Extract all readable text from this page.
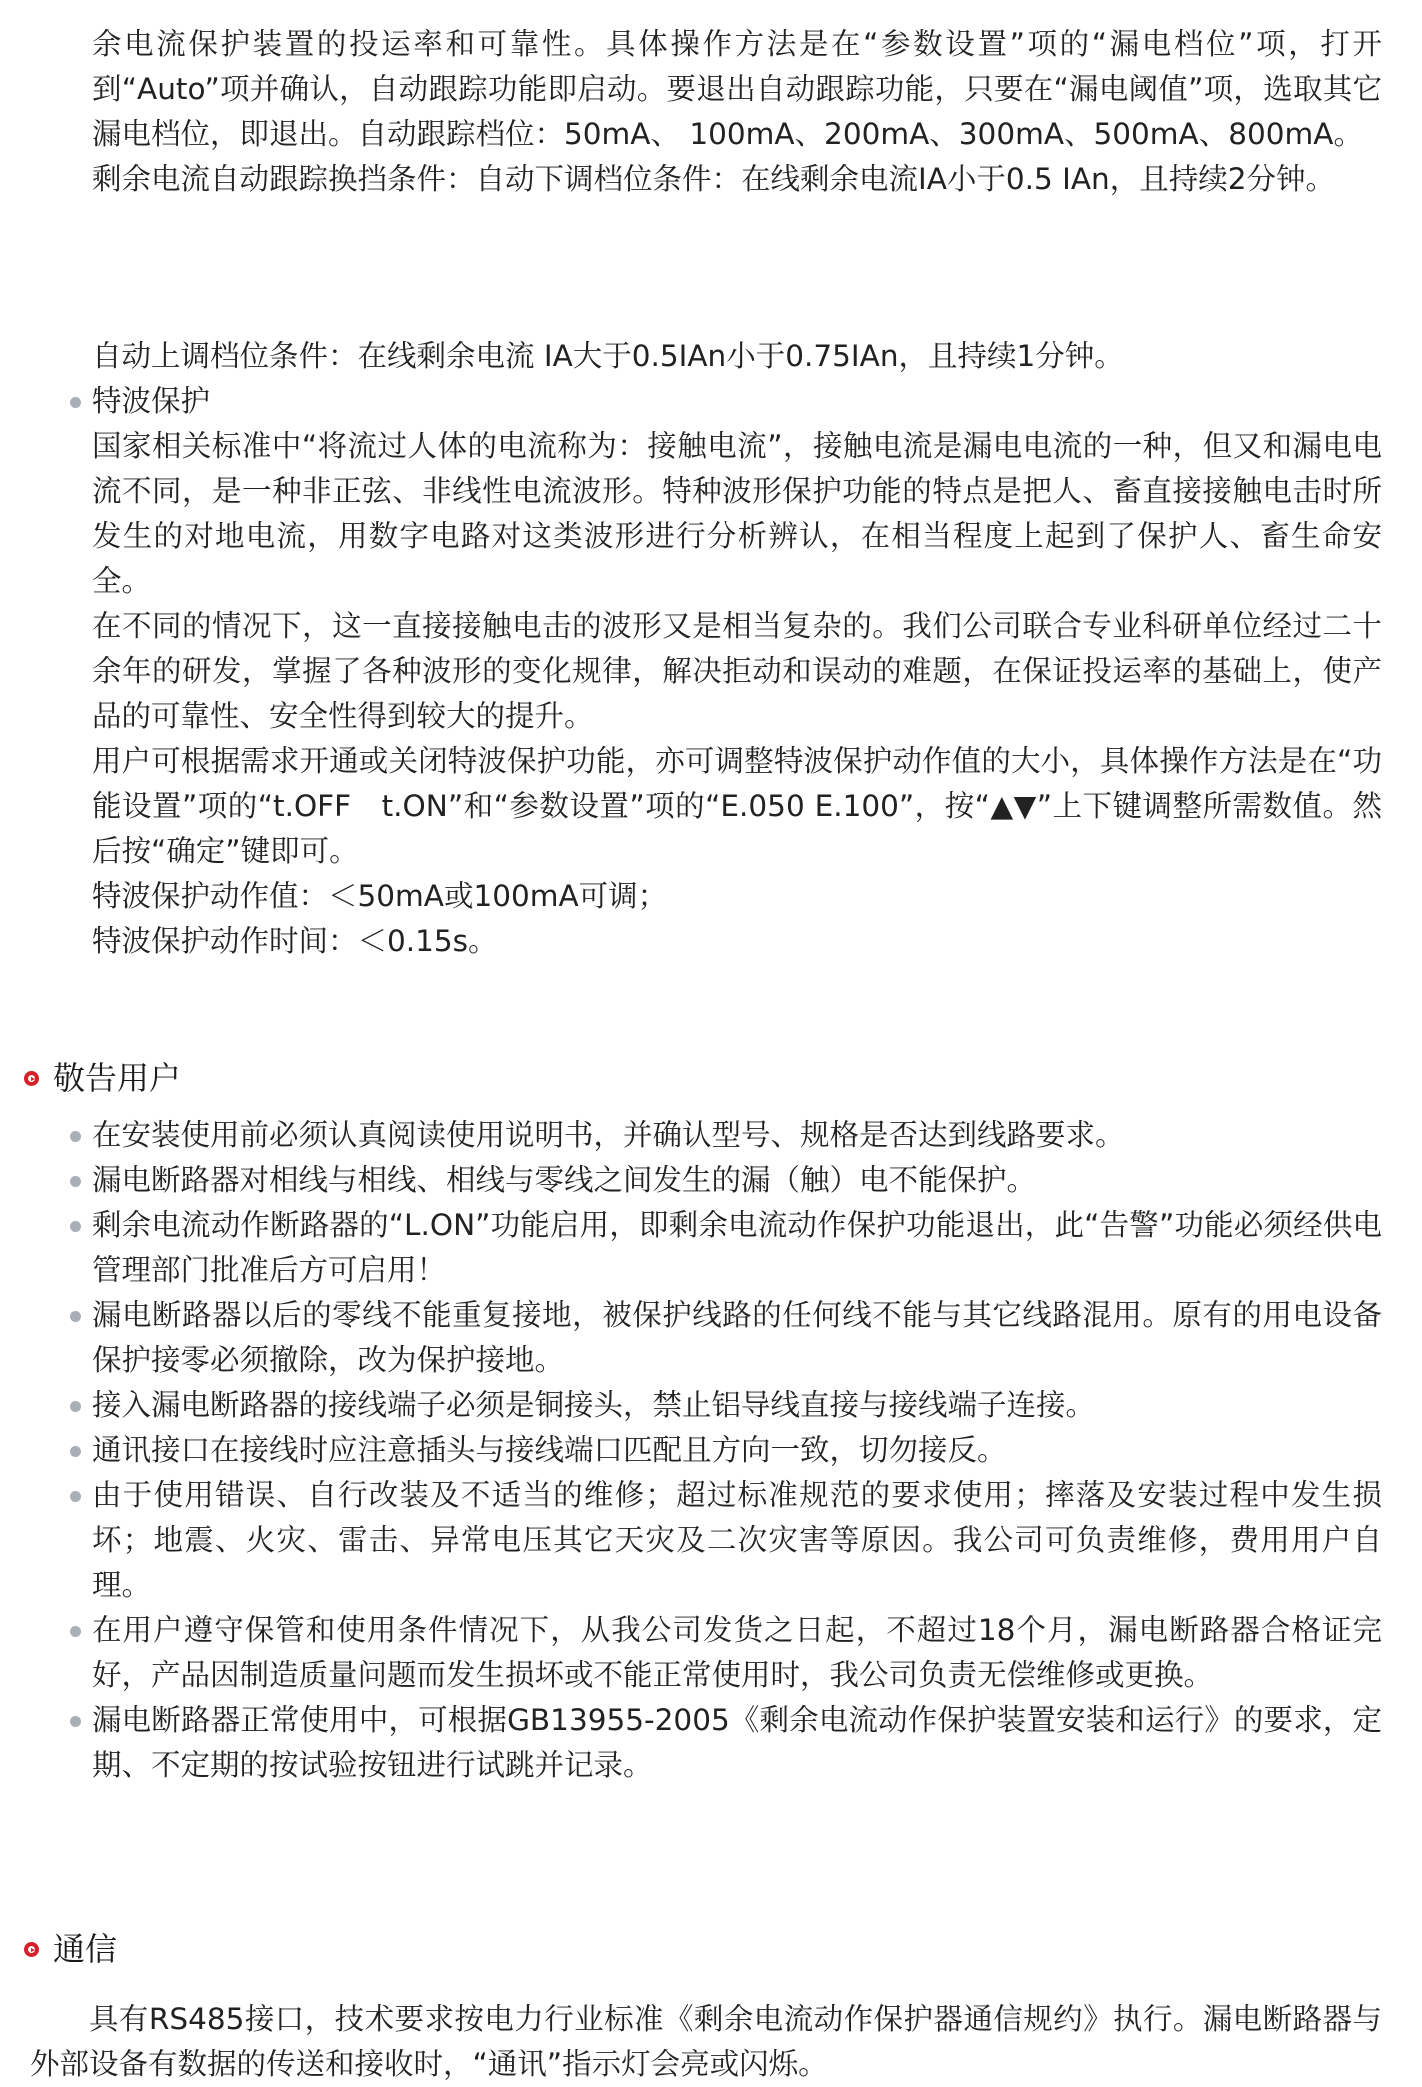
余电流保护装置的投运率和可靠性。具体操作方法是在“参数设置”项的“漏电档位”项，打开到“Auto”项并确认，自动跟踪功能即启动。要退出自动跟踪功能，只要在“漏电阈值”项，选取其它漏电档位，即退出。自动跟踪档位：50mA、 100mA、200mA、300mA、500mA、800mA。

剩余电流自动跟踪换挡条件：自动下调档位条件：在线剩余电流IA小于0.5 IAn，且持续2分钟。

自动上调档位条件：在线剩余电流 IA大于0.5IAn小于0.75IAn，且持续1分钟。

特波保护

国家相关标准中“将流过人体的电流称为：接触电流”，接触电流是漏电电流的一种，但又和漏电电流不同，是一种非正弦、非线性电流波形。特种波形保护功能的特点是把人、畜直接接触电击时所发生的对地电流，用数字电路对这类波形进行分析辨认，在相当程度上起到了保护人、畜生命安全。

在不同的情况下，这一直接接触电击的波形又是相当复杂的。我们公司联合专业科研单位经过二十余年的研发，掌握了各种波形的变化规律，解决拒动和误动的难题，在保证投运率的基础上，使产品的可靠性、安全性得到较大的提升。

用户可根据需求开通或关闭特波保护功能，亦可调整特波保护动作值的大小，具体操作方法是在“功能设置”项的“t.OFF　t.ON”和“参数设置”项的“E.050 E.100”，按“▲▼”上下键调整所需数值。然后按“确定”键即可。

特波保护动作值：＜50mA或100mA可调；

特波保护动作时间：＜0.15s。

敬告用户

在安装使用前必须认真阅读使用说明书，并确认型号、规格是否达到线路要求。

漏电断路器对相线与相线、相线与零线之间发生的漏（触）电不能保护。

剩余电流动作断路器的“L.ON”功能启用，即剩余电流动作保护功能退出，此“告警”功能必须经供电管理部门批准后方可启用！

漏电断路器以后的零线不能重复接地，被保护线路的任何线不能与其它线路混用。原有的用电设备保护接零必须撤除，改为保护接地。

接入漏电断路器的接线端子必须是铜接头，禁止铝导线直接与接线端子连接。

通讯接口在接线时应注意插头与接线端口匹配且方向一致，切勿接反。

由于使用错误、自行改装及不适当的维修；超过标准规范的要求使用；摔落及安装过程中发生损坏；地震、火灾、雷击、异常电压其它天灾及二次灾害等原因。我公司可负责维修，费用用户自理。

在用户遵守保管和使用条件情况下，从我公司发货之日起，不超过18个月，漏电断路器合格证完好，产品因制造质量问题而发生损坏或不能正常使用时，我公司负责无偿维修或更换。

漏电断路器正常使用中，可根据GB13955-2005《剩余电流动作保护装置安装和运行》的要求，定期、不定期的按试验按钮进行试跳并记录。

通信

具有RS485接口，技术要求按电力行业标准《剩余电流动作保护器通信规约》执行。漏电断路器与外部设备有数据的传送和接收时，“通讯”指示灯会亮或闪烁。
